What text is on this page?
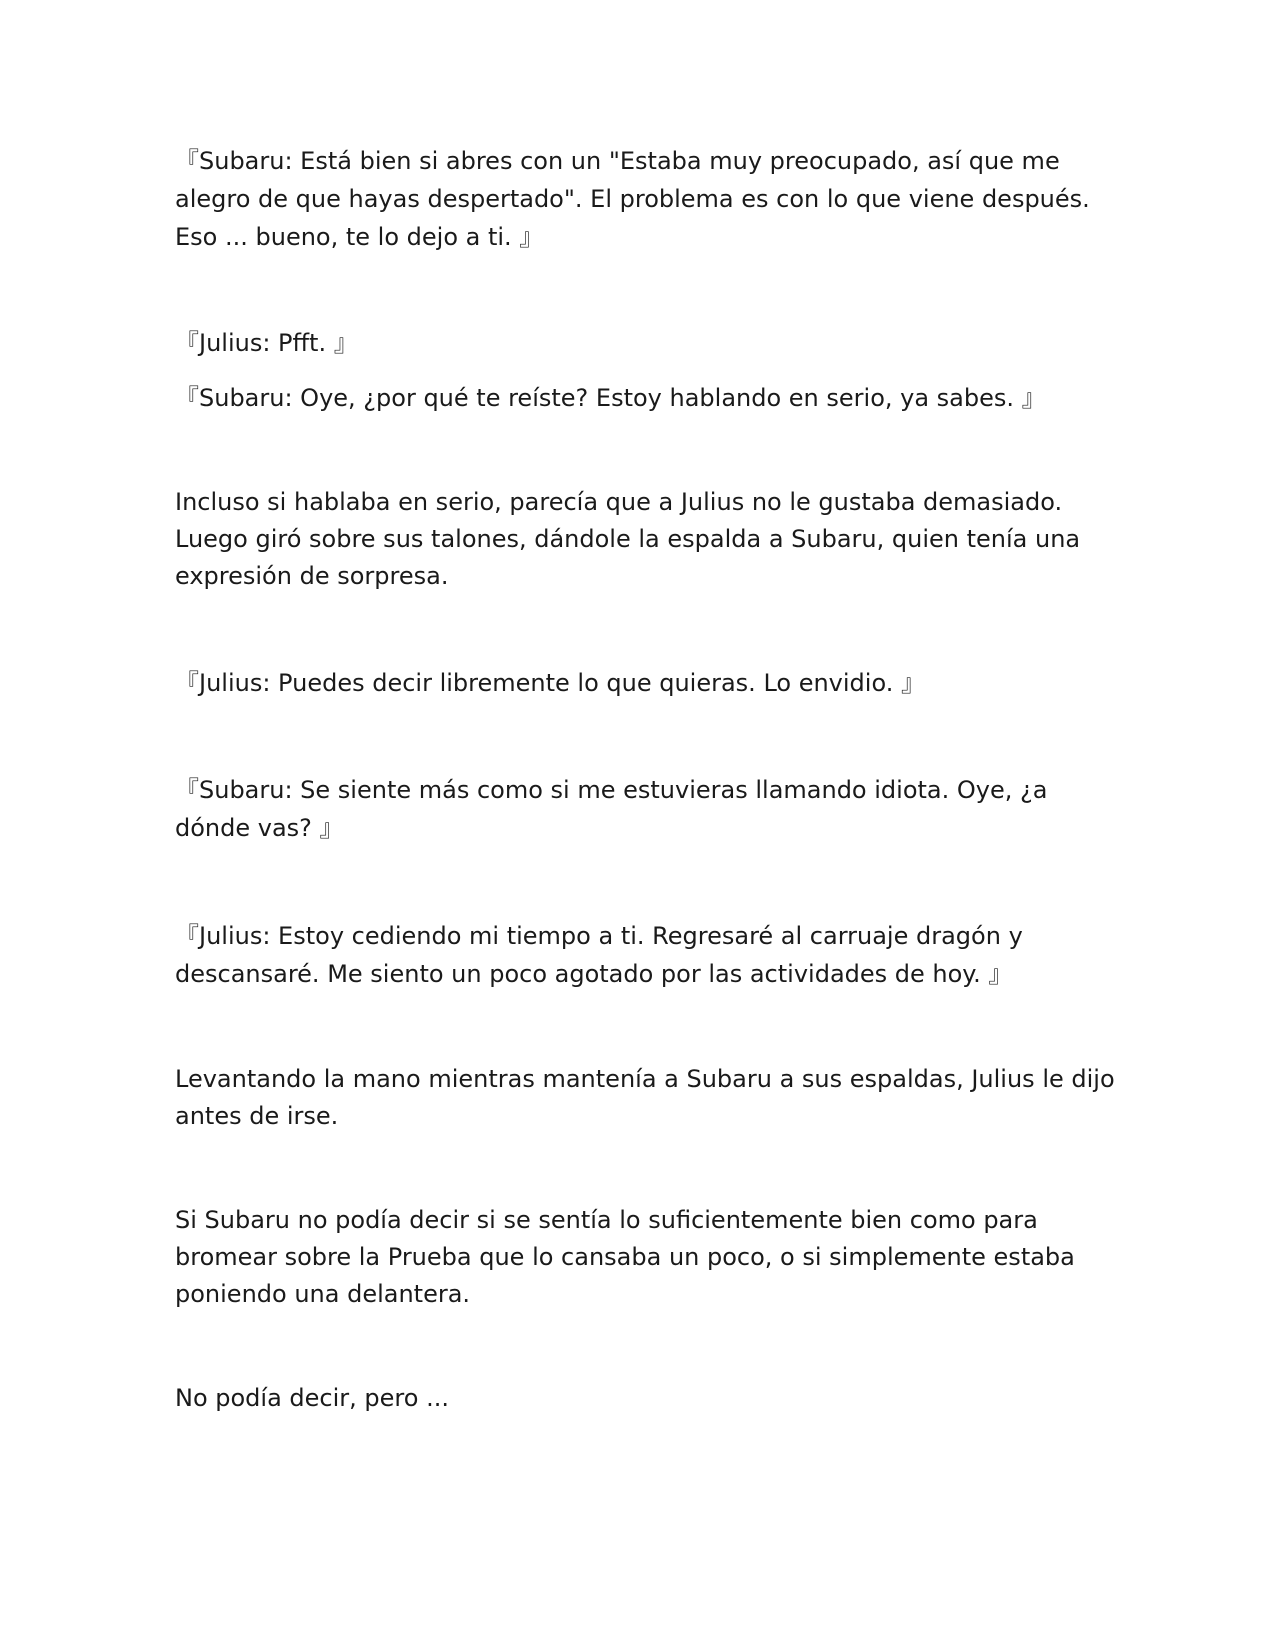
『Subaru: Está bien si abres con un "Estaba muy preocupado, así que me
alegro de que hayas despertado". El problema es con lo que viene después.
Eso ... bueno, te lo dejo a ti. 』

『Julius: Pfft. 』

『Subaru: Oye, ¿por qué te reíste? Estoy hablando en serio, ya sabes. 』

Incluso si hablaba en serio, parecía que a Julius no le gustaba demasiado.
Luego giró sobre sus talones, dándole la espalda a Subaru, quien tenía una
expresión de sorpresa.

『Julius: Puedes decir libremente lo que quieras. Lo envidio. 』

『Subaru: Se siente más como si me estuvieras llamando idiota. Oye, ¿a
dónde vas? 』

『Julius: Estoy cediendo mi tiempo a ti. Regresaré al carruaje dragón y
descansaré. Me siento un poco agotado por las actividades de hoy. 』

Levantando la mano mientras mantenía a Subaru a sus espaldas, Julius le dijo
antes de irse.

Si Subaru no podía decir si se sentía lo suficientemente bien como para
bromear sobre la Prueba que lo cansaba un poco, o si simplemente estaba
poniendo una delantera.

No podía decir, pero ...
